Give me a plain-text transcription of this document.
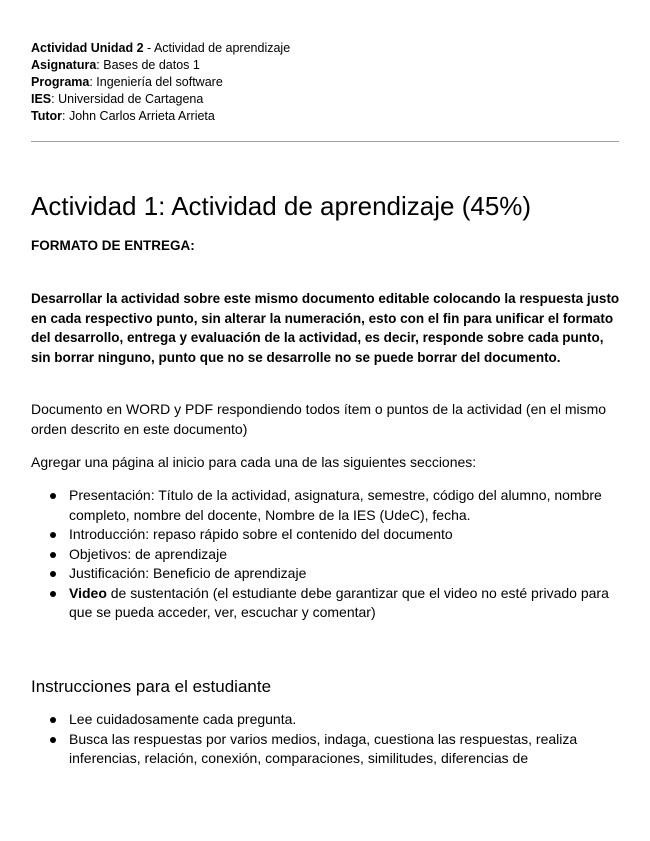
Actividad Unidad 2 - Actividad de aprendizaje
Asignatura: Bases de datos 1
Programa: Ingeniería del software
IES: Universidad de Cartagena
Tutor: John Carlos Arrieta Arrieta
Actividad 1: Actividad de aprendizaje (45%)
FORMATO DE ENTREGA:

Desarrollar la actividad sobre este mismo documento editable colocando la respuesta justo en cada respectivo punto, sin alterar la numeración, esto con el fin para unificar el formato del desarrollo, entrega y evaluación de la actividad, es decir, responde sobre cada punto, sin borrar ninguno, punto que no se desarrolle no se puede borrar del documento.

Documento en WORD y PDF respondiendo todos ítem o puntos de la actividad (en el mismo orden descrito en este documento)

Agregar una página al inicio para cada una de las siguientes secciones:

Presentación: Título de la actividad, asignatura, semestre, código del alumno, nombre completo, nombre del docente, Nombre de la IES (UdeC), fecha.
Introducción: repaso rápido sobre el contenido del documento
Objetivos: de aprendizaje
Justificación: Beneficio de aprendizaje
Video de sustentación (el estudiante debe garantizar que el video no esté privado para que se pueda acceder, ver, escuchar y comentar)
Instrucciones para el estudiante
Lee cuidadosamente cada pregunta.
Busca las respuestas por varios medios, indaga, cuestiona las respuestas, realiza inferencias, relación, conexión, comparaciones, similitudes, diferencias de
